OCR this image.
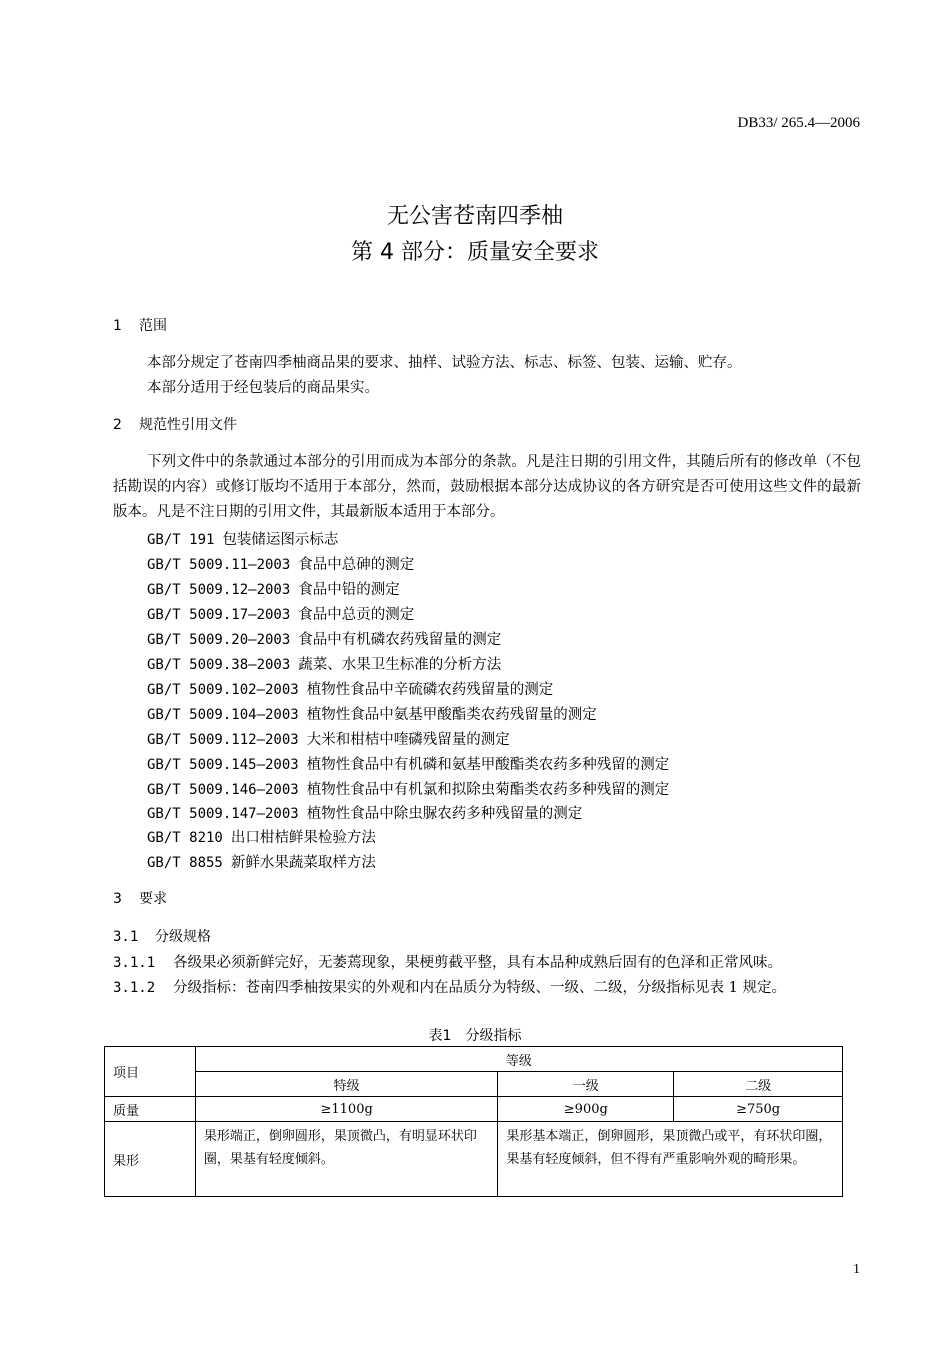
DB33/ 265.4—2006
无公害苍南四季柚
第 4 部分：质量安全要求
1 范围
本部分规定了苍南四季柚商品果的要求、抽样、试验方法、标志、标签、包装、运输、贮存。
本部分适用于经包装后的商品果实。
2 规范性引用文件
下列文件中的条款通过本部分的引用而成为本部分的条款。凡是注日期的引用文件，其随后所有的修改单（不包括勘误的内容）或修订版均不适用于本部分，然而，鼓励根据本部分达成协议的各方研究是否可使用这些文件的最新版本。凡是不注日期的引用文件，其最新版本适用于本部分。
GB/T 191 包装储运图示标志
GB/T 5009.11—2003 食品中总砷的测定
GB/T 5009.12—2003 食品中铅的测定
GB/T 5009.17—2003 食品中总贡的测定
GB/T 5009.20—2003 食品中有机磷农药残留量的测定
GB/T 5009.38—2003 蔬菜、水果卫生标准的分析方法
GB/T 5009.102—2003 植物性食品中辛硫磷农药残留量的测定
GB/T 5009.104—2003 植物性食品中氨基甲酸酯类农药残留量的测定
GB/T 5009.112—2003 大米和柑桔中喹磷残留量的测定
GB/T 5009.145—2003 植物性食品中有机磷和氨基甲酸酯类农药多种残留的测定
GB/T 5009.146—2003 植物性食品中有机氯和拟除虫菊酯类农药多种残留的测定
GB/T 5009.147—2003 植物性食品中除虫脲农药多种残留量的测定
GB/T 8210 出口柑桔鲜果检验方法
GB/T 8855 新鲜水果蔬菜取样方法
3 要求
3.1 分级规格
3.1.1 各级果必须新鲜完好，无萎蔫现象，果梗剪截平整，具有本品种成熟后固有的色泽和正常风味。
3.1.2 分级指标：苍南四季柚按果实的外观和内在品质分为特级、一级、二级，分级指标见表 1 规定。
表1　分级指标
项目	等级		
	特级	一级	二级
质量	≥1100g	≥900g	≥750g
果形	果形端正，倒卵圆形，果顶微凸，有明显环状印圈，果基有轻度倾斜。	果形基本端正，倒卵圆形，果顶微凸或平，有环状印圈，果基有轻度倾斜，但不得有严重影响外观的畸形果。	
1
